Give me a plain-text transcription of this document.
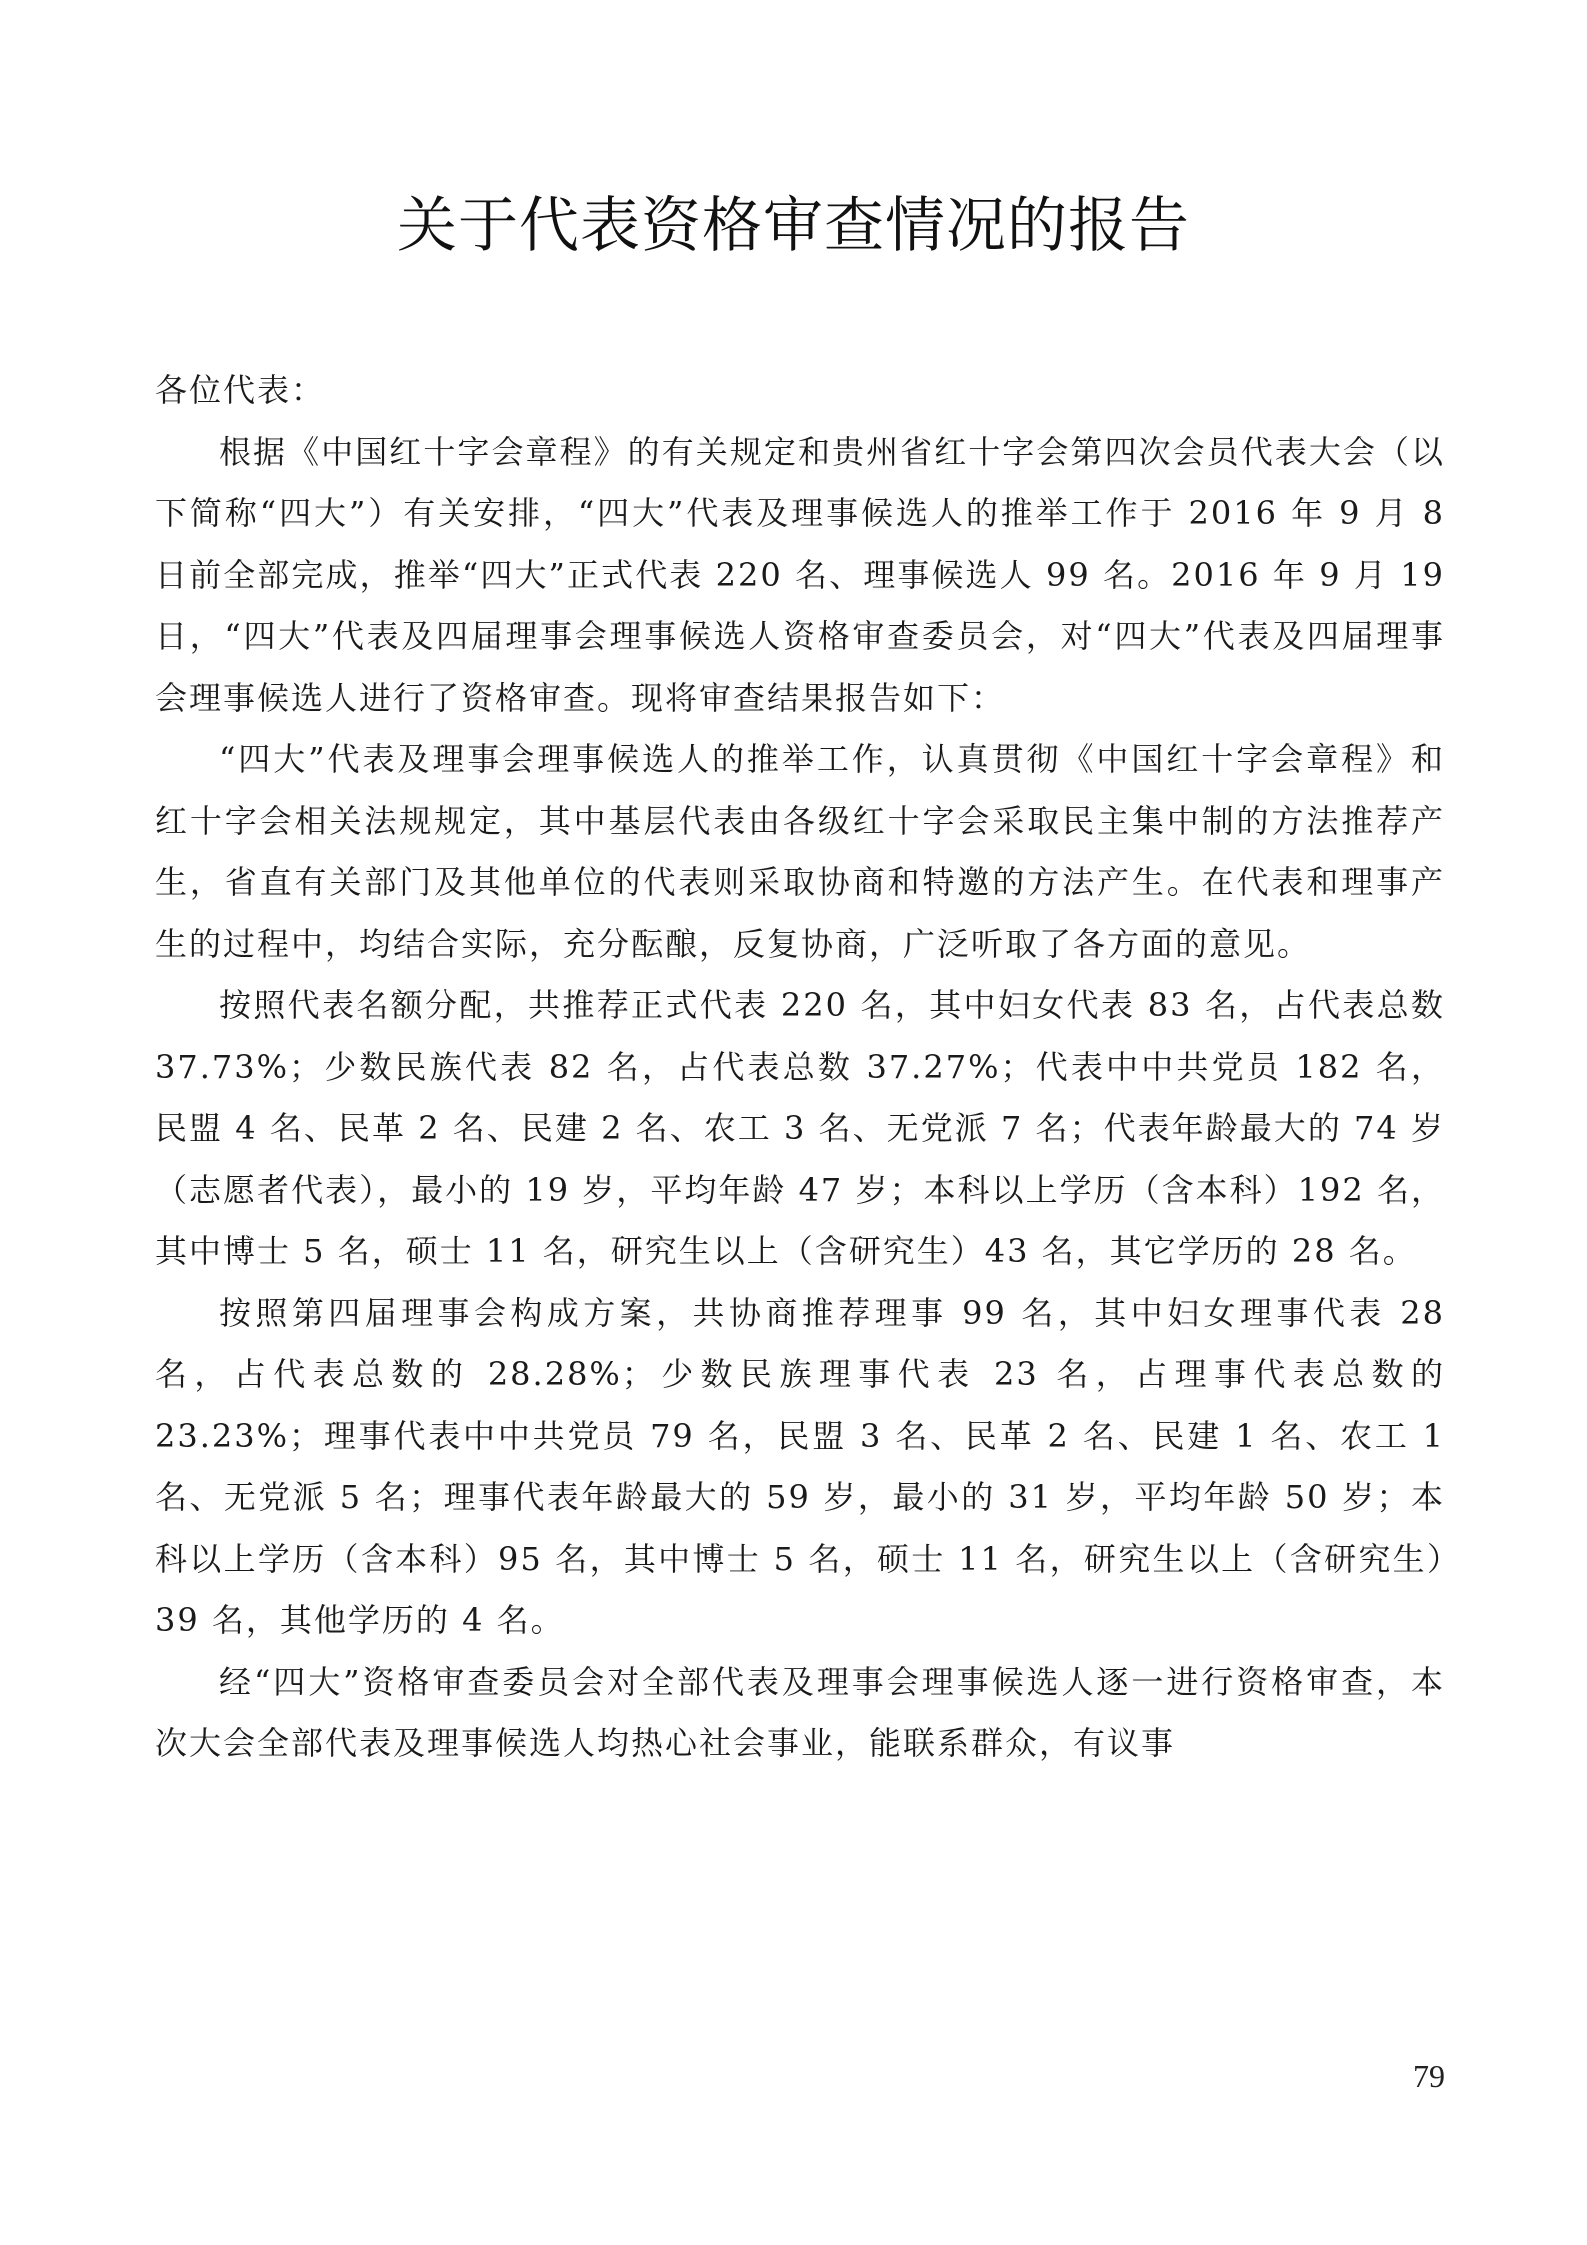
关于代表资格审查情况的报告

各位代表：

根据《中国红十字会章程》的有关规定和贵州省红十字会第四次会员代表大会（以下简称“四大”）有关安排，“四大”代表及理事候选人的推举工作于 2016 年 9 月 8 日前全部完成，推举“四大”正式代表 220 名、理事候选人 99 名。2016 年 9 月 19 日，“四大”代表及四届理事会理事候选人资格审查委员会，对“四大”代表及四届理事会理事候选人进行了资格审查。现将审查结果报告如下：

“四大”代表及理事会理事候选人的推举工作，认真贯彻《中国红十字会章程》和红十字会相关法规规定，其中基层代表由各级红十字会采取民主集中制的方法推荐产生，省直有关部门及其他单位的代表则采取协商和特邀的方法产生。在代表和理事产生的过程中，均结合实际，充分酝酿，反复协商，广泛听取了各方面的意见。

按照代表名额分配，共推荐正式代表 220 名，其中妇女代表 83 名，占代表总数 37.73%；少数民族代表 82 名，占代表总数 37.27%；代表中中共党员 182 名，民盟 4 名、民革 2 名、民建 2 名、农工 3 名、无党派 7 名；代表年龄最大的 74 岁（志愿者代表），最小的 19 岁，平均年龄 47 岁；本科以上学历（含本科）192 名，其中博士 5 名，硕士 11 名，研究生以上（含研究生）43 名，其它学历的 28 名。

按照第四届理事会构成方案，共协商推荐理事 99 名，其中妇女理事代表 28 名，占代表总数的 28.28%；少数民族理事代表 23 名，占理事代表总数的 23.23%；理事代表中中共党员 79 名，民盟 3 名、民革 2 名、民建 1 名、农工 1 名、无党派 5 名；理事代表年龄最大的 59 岁，最小的 31 岁，平均年龄 50 岁；本科以上学历（含本科）95 名，其中博士 5 名，硕士 11 名，研究生以上（含研究生）39 名，其他学历的 4 名。

经“四大”资格审查委员会对全部代表及理事会理事候选人逐一进行资格审查，本次大会全部代表及理事候选人均热心社会事业，能联系群众，有议事

79
